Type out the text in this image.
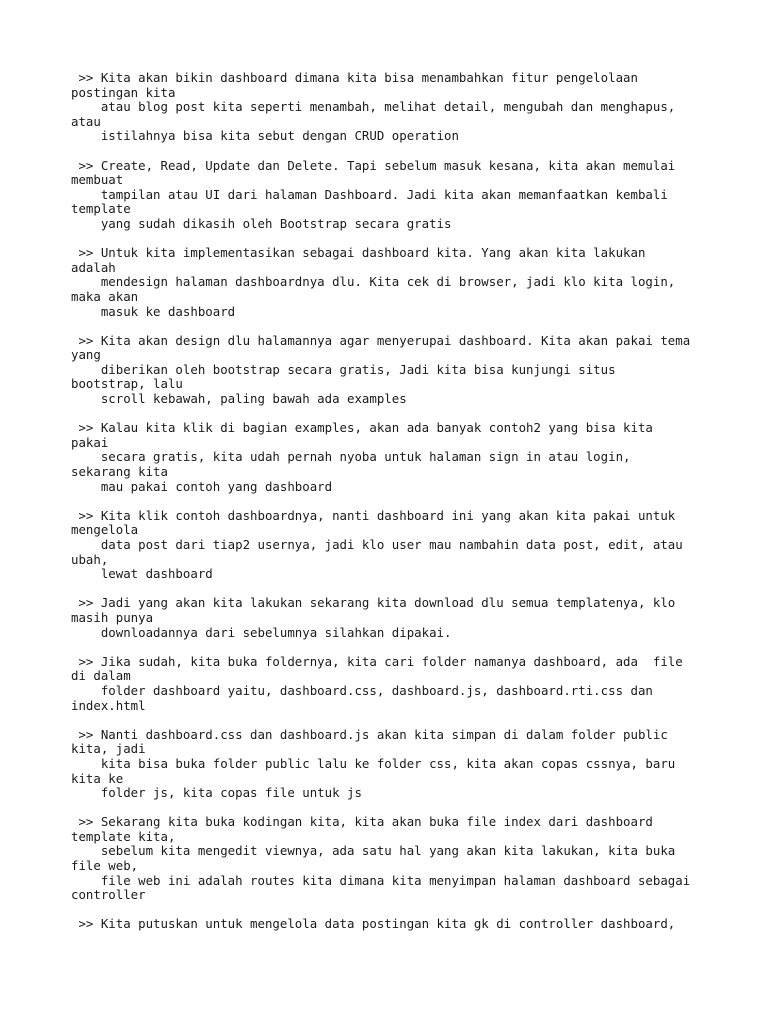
>> Kita akan bikin dashboard dimana kita bisa menambahkan fitur pengelolaan
postingan kita
atau blog post kita seperti menambah, melihat detail, mengubah dan menghapus,
atau
istilahnya bisa kita sebut dengan CRUD operation
>> Create, Read, Update dan Delete. Tapi sebelum masuk kesana, kita akan memulai
membuat
tampilan atau UI dari halaman Dashboard. Jadi kita akan memanfaatkan kembali
template
yang sudah dikasih oleh Bootstrap secara gratis
>> Untuk kita implementasikan sebagai dashboard kita. Yang akan kita lakukan
adalah
mendesign halaman dashboardnya dlu. Kita cek di browser, jadi klo kita login,
maka akan
masuk ke dashboard
>> Kita akan design dlu halamannya agar menyerupai dashboard. Kita akan pakai tema
yang
diberikan oleh bootstrap secara gratis, Jadi kita bisa kunjungi situs
bootstrap, lalu
scroll kebawah, paling bawah ada examples
>> Kalau kita klik di bagian examples, akan ada banyak contoh2 yang bisa kita
pakai
secara gratis, kita udah pernah nyoba untuk halaman sign in atau login,
sekarang kita
mau pakai contoh yang dashboard
>> Kita klik contoh dashboardnya, nanti dashboard ini yang akan kita pakai untuk
mengelola
data post dari tiap2 usernya, jadi klo user mau nambahin data post, edit, atau
ubah,
lewat dashboard
>> Jadi yang akan kita lakukan sekarang kita download dlu semua templatenya, klo
masih punya
downloadannya dari sebelumnya silahkan dipakai.
>> Jika sudah, kita buka foldernya, kita cari folder namanya dashboard, ada  file
di dalam
folder dashboard yaitu, dashboard.css, dashboard.js, dashboard.rti.css dan
index.html
>> Nanti dashboard.css dan dashboard.js akan kita simpan di dalam folder public
kita, jadi
kita bisa buka folder public lalu ke folder css, kita akan copas cssnya, baru
kita ke
folder js, kita copas file untuk js
>> Sekarang kita buka kodingan kita, kita akan buka file index dari dashboard
template kita,
sebelum kita mengedit viewnya, ada satu hal yang akan kita lakukan, kita buka
file web,
file web ini adalah routes kita dimana kita menyimpan halaman dashboard sebagai
controller
>> Kita putuskan untuk mengelola data postingan kita gk di controller dashboard,
